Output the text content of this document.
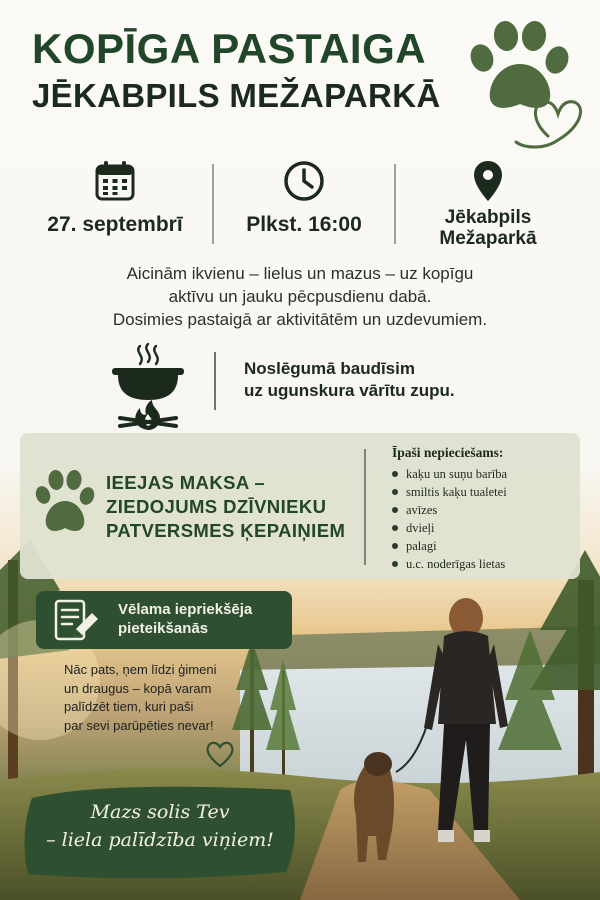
KOPĪGA PASTAIGA
JĒKABPILS MEŽAPARKĀ
27. septembrī	Plkst. 16:00	Jēkabpils
Mežaparkā
Aicinām ikvienu – lielus un mazus – uz kopīgu
aktīvu un jauku pēcpusdienu dabā.
Dosimies pastaigā ar aktivitātēm un uzdevumiem.
Noslēgumā baudīsim
uz ugunskura vārītu zupu.
IEEJAS MAKSA –
ZIEDOJUMS DZĪVNIEKU
PATVERSMES ĶEPAIŅIEM
Īpaši nepieciešams:
kaķu un suņu barība
smiltis kaķu tualetei
avīzes
dvieļi
palagi
u.c. noderīgas lietas
Vēlama iepriekšēja
pieteikšanās
Nāc pats, ņem līdzi ģimeni
un draugus – kopā varam
palīdzēt tiem, kuri paši
par sevi parūpēties nevar!
Mazs solis Tev
– liela palīdzība viņiem!
